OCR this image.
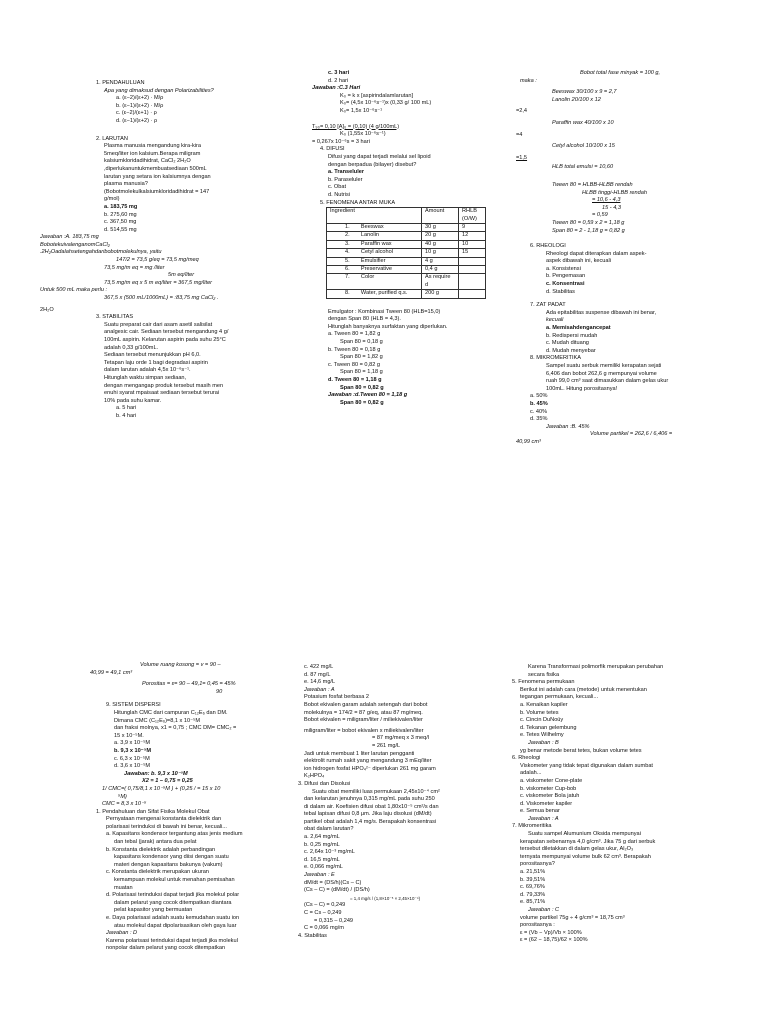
1. PENDAHULUAN
Apa yang dimaksud dengan Polarizabilities?
a. (ε−2)/(ε+2) · M/ρ
b. (ε−1)/(ε+2) · M/ρ
c. (ε−2)/(ε+1) · ρ
d. (ε−1)/(ε+2) · ρ
2. LARUTAN
Plasma manusia mengandung kira-kira
5meq/liter ion kalsium.Berapa miligram
kalsiumkloridadihidrat, CaCl₂ 2H₂O
,diperlukanuntukmembuatsediaan 500mL
larutan yang setara ion kalsiumnya dengan
plasma manusia?
(Bobotmolekulkalsiumkloridadihidrat = 147
g/mol)
a. 183,75 mg
b. 275,60 mg
c. 367,50 mg
d. 514,55 mg
Jawaban :A. 183,75 mg
BobotekuivalenganomCaCl₂
.2H₂Oadalahsetengahdaribobotmolekulnya, yaitu
147/2 = 73,5 g/eq = 73,5 mg/meq
73,5 mg/m eq = mg /liter
5m eq/liter
73,5 mg/m eq x 5 m eq/liter = 367,5 mg/liter
Untuk 500 mL maka perlu :
367,5 x (500 mL/1000mL) = :83,75 mg CaCl₂ .
2H₂O
3. STABILITAS
Suatu preparat cair dari asam asetil salisilat
analgesic cair. Sediaan tersebut mengandung 4 g/
100mL aspirin. Kelarutan aspirin pada suhu 25°C
adalah 0,33 g/100mL.
Sediaan tersebut menunjukkan pH 6,0.
Tetapan laju orde 1 bagi degradasi aspirin
dalam larutan adalah 4,5x 10⁻⁶s⁻¹.
Hitunglah waktu simpan sediaan,
dengan mengangap produk tersebut masih men
enuhi syarat mpaisaat sediaan tersebut terurai
10% pada suhu kamar.
a. 5 hari
b. 4 hari
c. 3 hari
d. 2 hari
Jawaban :C.3 Hari
K₀ = k x [aspirindalamlarutan]
K₀= (4,5x 10⁻⁶s⁻¹)x (0,33 g/ 100 mL)
K₀= 1,5x 10⁻⁶s⁻¹
T₉₀= 0,10 [A]₀ = (0,10) (4 g/100mL)
K₀ (1,55x 10⁻⁶s⁻¹)
= 0,267x 10⁻⁶s = 3 hari
4. DIFUSI
Difusi yang dapat terjadi melalui sel lipoid
dengan berpadua (bilayer) disebut?
a. Transeluler
b. Paraseluler
c. Obat
d. Nutrisi
5. FENOMENA ANTAR MUKA
Ingredient		Amount	RHLB (O/W)
1.	Beeswax	30 g	9
2.	Lanolin	20 g	12
3.	Paraffin wax	40 g	10
4.	Cetyl alcohol	10 g	15
5.	Emulsifier	4 g	
6.	Preservative	0,4 g	
7.	Color	As require d	
8.	Water, purified q.s.	200 g	
Emulgator : Kombinasi Tween 80 (HLB=15,0)
dengan Span 80 (HLB = 4,3).
Hitunglah banyaknya surfaktan yang diperlukan.
a. Tween 80 = 1,82 g
Span 80 = 0,18 g
b. Tween 80 = 0,18 g
Span 80 = 1,82 g
c. Tween 80 = 0,82 g
Span 80 = 1,18 g
d. Tween 80 = 1,18 g
Span 80 = 0,82 g
Jawaban :d.Tween 80 = 1,18 g
Span 80 = 0,82 g
Bobot total fase minyak = 100 g,
maka :
Beeswax 30/100 x 9 = 2,7
Lanolin 20/100 x 12
=2,4
Paraffin wax 40/100 x 10
=4
Cetyl alcohol 10/100 x 15
=1,5
HLB total emulsi = 10,60
Tween 80 = HLBB-HLBB rendah
HLBB tinggi-HLBB rendah
= 10,6 - 4,3
15 - 4,3
= 0,59
Tween 80 = 0,59 x 2 = 1,18 g
Span 80 = 2 - 1,18 g = 0,82 g
6. RHEOLOGI
Rheologi dapat diterapkan dalam aspek-
aspek dibawah ini, kecuali
a. Konsistensi
b. Pengemasan
c. Konsentrasi
d. Stabilitas
7. ZAT PADAT
Ada epitabilitas suspense dibawah ini benar,
kecuali
a. Memisahdengancepat
b. Redispersi mudah
c. Mudah dituang
d. Mudah menyebar
8. MIKROMERITIKA
Sampel suatu serbuk memiliki kerapatan sejati
6,406 dan bobot 262,6 g mempunyai volume
ruah 99,0 cm³ saat dimasukkan dalam gelas ukur
100mL. Hitung porositasnya!
a. 50%
b. 45%
c. 40%
d. 35%
Jawaban :B. 45%
Volume partikel = 262,6 / 6,406 =
40,99 cm³
Volume ruang kosong = v = 90 –
40,99 = 49,1 cm³
Porositas = ε= 90 – 49,1= 0,45 = 45%
90
9. SISTEM DISPERSI
Hitunglah CMC dari campuran C₁₂E₆ dan DM.
Dimana CMC (C₁₂E₆)=8,1 x 10⁻⁵M
dan fraksi molnya, x1 = 0,75 ; CMC DM= CMC₂ =
15 x 10⁻⁵M.
a. 3,9 x 10⁻⁵M
b. 9,3 x 10⁻⁵M
c. 6,3 x 10⁻⁵M
d. 3,6 x 10⁻⁵M
Jawaban: b. 9,3 x 10⁻⁵M
X2 = 1 – 0,75 = 0,25
1/ CMC=( 0,75/8,1 x 10⁻⁵M ) + (0,25 / = 15 x 10
⁵M)
CMC = 8,3 x 10⁻⁵
1. Pendahuluan dan Sifat Fisika Molekul Obat
Pernyataan mengenai konstanta dielektrik dan
polarisasi terinduksi di bawah ini benar, kecuali...
a. Kapasitans kondensor tergantung atas jenis medium
dan tebal (jarak) antara dua pelat
b. Konstanta dielektrik adalah perbandingan
kapasitans kondensor yang diisi dengan suatu
materi dengan kapasitans bakunya (vakum)
c. Konstanta dielektrik merupakan ukuran
kemampuan molekul untuk menahan pemisahan
muatan
d. Polarisasi terinduksi dapat terjadi jika molekul polar
dalam pelarut yang cocok ditempatkan diantara
pelat kapasitor yang bermuatan
e. Daya polarisasi adalah suatu kemudahan suatu ion
atau molekul dapat dipolarisasikan oleh gaya luar
Jawaban : D
Karena polarisasi terinduksi dapat terjadi jika molekul
nonpolar dalam pelarut yang cocok ditempatkan
c. 422 mg/L
d. 87 mg/L
e. 14,6 mg/L
Jawaban : A
Potasium fosfat berbasa 2
Bobot ekivalen garam adalah setengah dari bobot
molekulnya = 174/2 = 87 g/eq, atau 87 mg/meq.
Bobot ekivalen = miligram/liter / miliekivalen/liter
miligram/liter = bobot ekivalen x miliekivalen/liter
= 87 mg/meq x 3 meq/l
= 261 mg/L
Jadi untuk membuat 1 liter larutan pengganti
elektrolit rumah sakit yang mengandung 3 mEq/liter
ion hidrogen fosfat HPO₄²⁻ diperlukan 261 mg garam
K₂HPO₄
3. Difusi dan Disolusi
Suatu obat memiliki luas permukaan 2,45x10⁻⁴ cm²
dan kelarutan jenuhnya 0,315 mg/mL pada suhu 250
di dalam air. Koefisien difusi obat 1,80x10⁻⁵ cm²/s dan
tebal lapisan difusi 0,8 μm. Jika laju disolusi (dM/dt)
partikel obat adalah 1,4 mg/s. Berapakah konsentrasi
obat dalam larutan?
a. 2,64 mg/mL
b. 0,25 mg/mL
c. 2,64x 10⁻³ mg/mL
d. 16,5 mg/mL
e. 0,066 mg/mL
Jawaban : E
dM/dt = (DS/h)(Cs – C)
(Cs – C) = (dM/dt) / (DS/h)
= 1,4 mg/s / (1,8×10⁻⁵ × 2,45×10⁻⁴)
(Cs – C) = 0,249
C = Cs – 0,249
= 0,315 – 0,249
C = 0,066 mg/m
4. Stabilitas
Karena Transformasi polimorfik merupakan perubahan
secara fisika
5. Fenomena permukaan
Berikut ini adalah cara (metode) untuk menentukan
tegangan permukaan, kecuali...
a. Kenaikan kapiler
b. Volume tetes
c. Cincin DuNoüy
d. Tekanan gelembung
e. Tetes Wilhelmy
Jawaban : B
yg benar metode berat tetes, bukan volume tetes
6. Rheologi
Viskometer yang tidak tepat digunakan dalam sumbat
adalah...
a. viskometer Cone-plate
b. viskometer Cup-bob
c. viskometer Bola jatuh
d. Viskometer kapiler
e. Semua benar
Jawaban : A
7. Mikromeritika
Suatu sampel Alumunium Oksida mempunyai
kerapatan sebenarnya 4,0 g/cm³. Jika 75 g dari serbuk
tersebut diletakkan di dalam gelas ukur, Al₂O₃
ternyata mempunyai volume bulk 62 cm³. Berapakah
porositasnya?
a. 21,51%
b. 39,51%
c. 69,76%
d. 79,33%
e. 85,71%
Jawaban : C
volume partikel 75g ÷ 4 g/cm³ = 18,75 cm³
porositasnya :
ε = (Vb − Vp)/Vb × 100%
ε = (62 − 18,75)/62 × 100%
